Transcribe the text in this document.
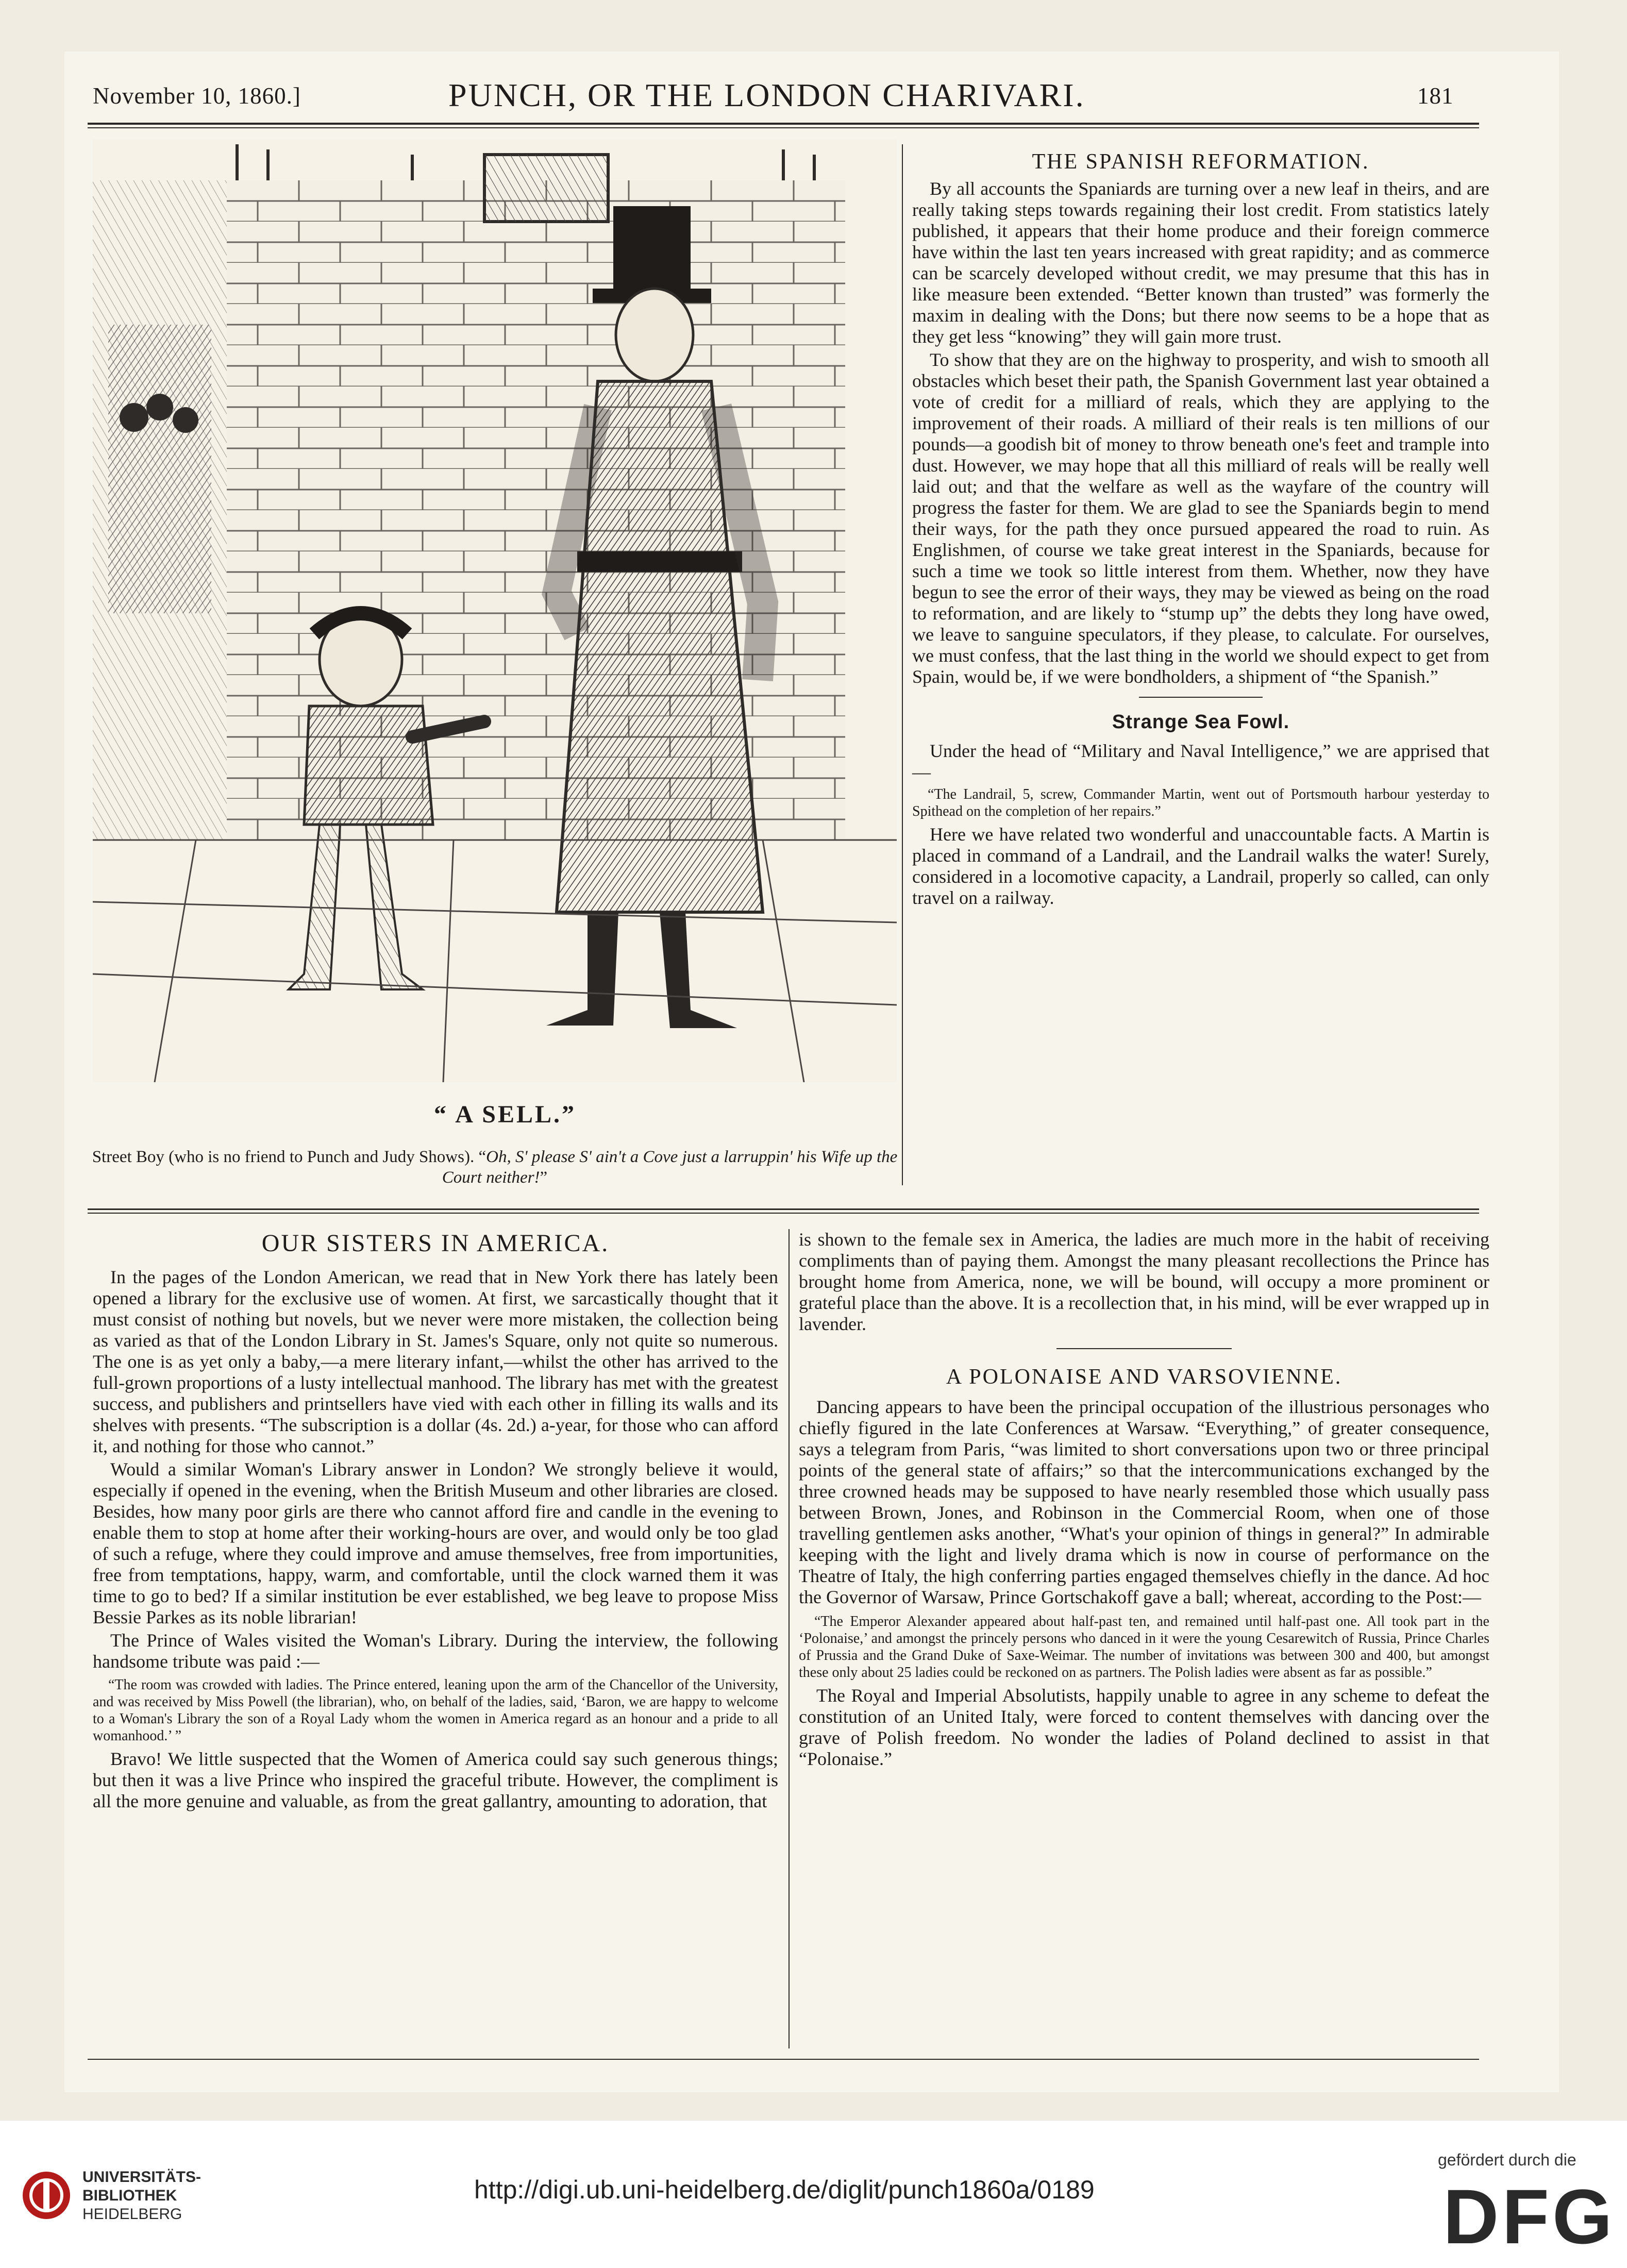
November 10, 1860.]	PUNCH, OR THE LONDON CHARIVARI.	181
“ A SELL.”
Street Boy (who is no friend to Punch and Judy Shows). “Oh, S' please S' ain't a Cove just a larruppin' his Wife up the Court neither!”
THE SPANISH REFORMATION.

By all accounts the Spaniards are turning over a new leaf in theirs, and are really taking steps towards regaining their lost credit. From statistics lately published, it appears that their home produce and their foreign commerce have within the last ten years increased with great rapidity; and as commerce can be scarcely developed without credit, we may presume that this has in like measure been extended. “Better known than trusted” was formerly the maxim in dealing with the Dons; but there now seems to be a hope that as they get less “knowing” they will gain more trust.

To show that they are on the highway to prosperity, and wish to smooth all obstacles which beset their path, the Spanish Government last year obtained a vote of credit for a milliard of reals, which they are applying to the improvement of their roads. A milliard of their reals is ten millions of our pounds—a goodish bit of money to throw beneath one's feet and trample into dust. However, we may hope that all this milliard of reals will be really well laid out; and that the welfare as well as the wayfare of the country will progress the faster for them. We are glad to see the Spaniards begin to mend their ways, for the path they once pursued appeared the road to ruin. As Englishmen, of course we take great interest in the Spaniards, because for such a time we took so little interest from them. Whether, now they have begun to see the error of their ways, they may be viewed as being on the road to reformation, and are likely to “stump up” the debts they long have owed, we leave to sanguine speculators, if they please, to calculate. For ourselves, we must confess, that the last thing in the world we should expect to get from Spain, would be, if we were bondholders, a shipment of “the Spanish.”

Strange Sea Fowl.

Under the head of “Military and Naval Intelligence,” we are apprised that—

“The Landrail, 5, screw, Commander Martin, went out of Portsmouth harbour yesterday to Spithead on the completion of her repairs.”

Here we have related two wonderful and unaccountable facts. A Martin is placed in command of a Landrail, and the Landrail walks the water! Surely, considered in a locomotive capacity, a Landrail, properly so called, can only travel on a railway.

OUR SISTERS IN AMERICA.

In the pages of the London American, we read that in New York there has lately been opened a library for the exclusive use of women. At first, we sarcastically thought that it must consist of nothing but novels, but we never were more mistaken, the collection being as varied as that of the London Library in St. James's Square, only not quite so numerous. The one is as yet only a baby,—a mere literary infant,—whilst the other has arrived to the full-grown proportions of a lusty intellectual manhood. The library has met with the greatest success, and publishers and printsellers have vied with each other in filling its walls and its shelves with presents. “The subscription is a dollar (4s. 2d.) a-year, for those who can afford it, and nothing for those who cannot.”

Would a similar Woman's Library answer in London? We strongly believe it would, especially if opened in the evening, when the British Museum and other libraries are closed. Besides, how many poor girls are there who cannot afford fire and candle in the evening to enable them to stop at home after their working-hours are over, and would only be too glad of such a refuge, where they could improve and amuse themselves, free from importunities, free from temptations, happy, warm, and comfortable, until the clock warned them it was time to go to bed? If a similar institution be ever established, we beg leave to propose Miss Bessie Parkes as its noble librarian!

The Prince of Wales visited the Woman's Library. During the interview, the following handsome tribute was paid :—

“The room was crowded with ladies. The Prince entered, leaning upon the arm of the Chancellor of the University, and was received by Miss Powell (the librarian), who, on behalf of the ladies, said, ‘Baron, we are happy to welcome to a Woman's Library the son of a Royal Lady whom the women in America regard as an honour and a pride to all womanhood.’ ”

Bravo! We little suspected that the Women of America could say such generous things; but then it was a live Prince who inspired the graceful tribute. However, the compliment is all the more genuine and valuable, as from the great gallantry, amounting to adoration, that

is shown to the female sex in America, the ladies are much more in the habit of receiving compliments than of paying them. Amongst the many pleasant recollections the Prince has brought home from America, none, we will be bound, will occupy a more prominent or grateful place than the above. It is a recollection that, in his mind, will be ever wrapped up in lavender.

A POLONAISE AND VARSOVIENNE.

Dancing appears to have been the principal occupation of the illustrious personages who chiefly figured in the late Conferences at Warsaw. “Everything,” of greater consequence, says a telegram from Paris, “was limited to short conversations upon two or three principal points of the general state of affairs;” so that the intercommunications exchanged by the three crowned heads may be supposed to have nearly resembled those which usually pass between Brown, Jones, and Robinson in the Commercial Room, when one of those travelling gentlemen asks another, “What's your opinion of things in general?” In admirable keeping with the light and lively drama which is now in course of performance on the Theatre of Italy, the high conferring parties engaged themselves chiefly in the dance. Ad hoc the Governor of Warsaw, Prince Gortschakoff gave a ball; whereat, according to the Post:—

“The Emperor Alexander appeared about half-past ten, and remained until half-past one. All took part in the ‘Polonaise,’ and amongst the princely persons who danced in it were the young Cesarewitch of Russia, Prince Charles of Prussia and the Grand Duke of Saxe-Weimar. The number of invitations was between 300 and 400, but amongst these only about 25 ladies could be reckoned on as partners. The Polish ladies were absent as far as possible.”

The Royal and Imperial Absolutists, happily unable to agree in any scheme to defeat the constitution of an United Italy, were forced to content themselves with dancing over the grave of Polish freedom. No wonder the ladies of Poland declined to assist in that “Polonaise.”

UNIVERSITÄTS-
BIBLIOTHEK
HEIDELBERG
http://digi.ub.uni-heidelberg.de/diglit/punch1860a/0189
gefördert durch die
DFG
